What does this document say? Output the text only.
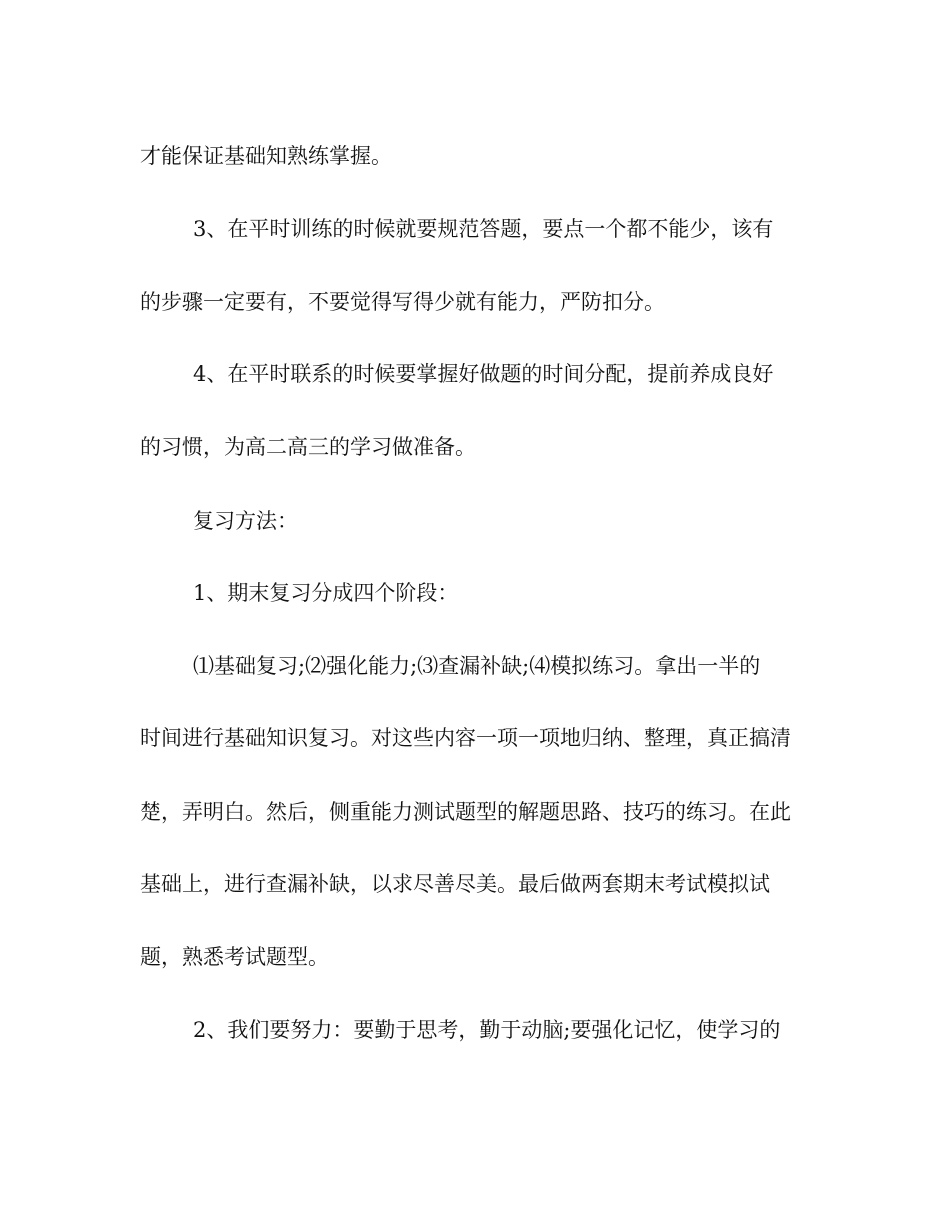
才能保证基础知熟练掌握。
3、在平时训练的时候就要规范答题，要点一个都不能少，该有
的步骤一定要有，不要觉得写得少就有能力，严防扣分。
4、在平时联系的时候要掌握好做题的时间分配，提前养成良好
的习惯，为高二高三的学习做准备。
复习方法：
1、期末复习分成四个阶段：
⑴基础复习;⑵强化能力;⑶查漏补缺;⑷模拟练习。拿出一半的
时间进行基础知识复习。对这些内容一项一项地归纳、整理，真正搞清
楚，弄明白。然后，侧重能力测试题型的解题思路、技巧的练习。在此
基础上，进行查漏补缺，以求尽善尽美。最后做两套期末考试模拟试
题，熟悉考试题型。
2、我们要努力：要勤于思考，勤于动脑;要强化记忆，使学习的
